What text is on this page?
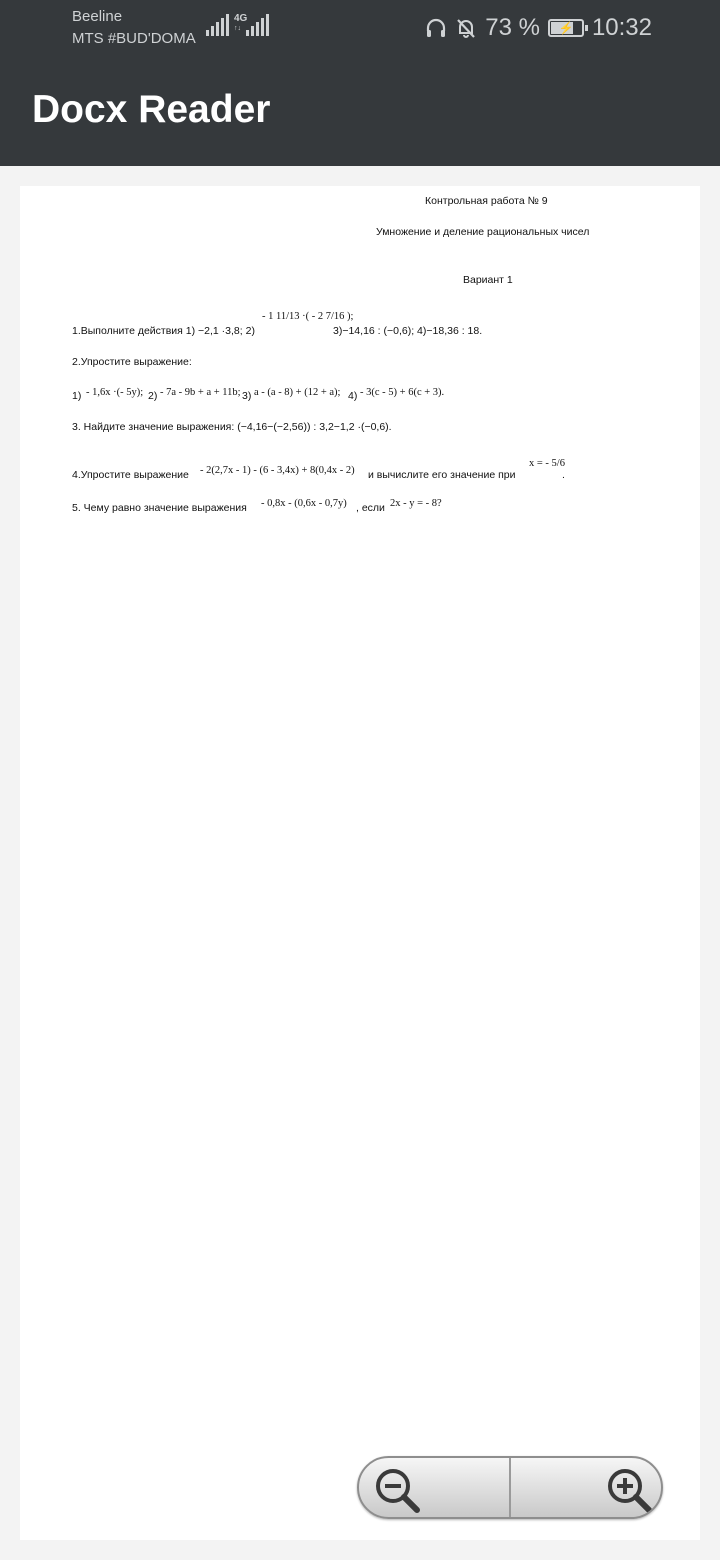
Beeline
MTS #BUD'DOMA
4G
↑↓	73 % ⚡ 10:32
Docx Reader
Контрольная работа № 9
Умножение и деление рациональных чисел
Вариант 1
1.Выполните действия 1) −2,1 ·3,8; 2)
- 1 11/13 ·( - 2 7/16 );
3)−14,16 : (−0,6); 4)−18,36 : 18.
2.Упростите выражение:
1) - 1,6x ·(- 5y); 2) - 7a - 9b + a + 11b; 3) a - (a - 8) + (12 + a); 4) - 3(c - 5) + 6(c + 3).
3. Найдите значение выражения: (−4,16−(−2,56)) : 3,2−1,2 ·(−0,6).
4.Упростите выражение - 2(2,7x - 1) - (6 - 3,4x) + 8(0,4x - 2) и вычислите его значение при
x = - 5/6
.
5. Чему равно значение выражения - 0,8x - (0,6x - 0,7y) , если 2x - y = - 8?
